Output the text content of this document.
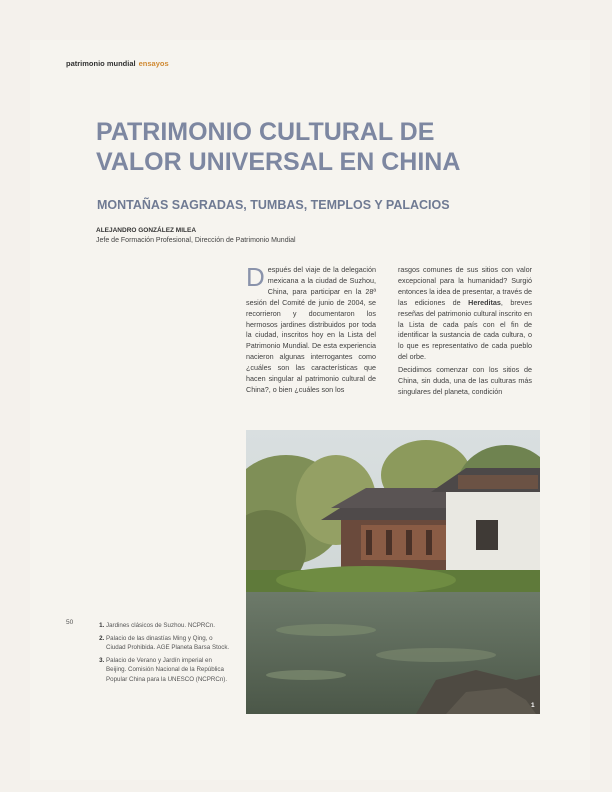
patrimonio mundial ensayos
PATRIMONIO CULTURAL DE
VALOR UNIVERSAL EN CHINA
MONTAÑAS SAGRADAS, TUMBAS, TEMPLOS Y PALACIOS
ALEJANDRO GONZÁLEZ MILEA
Jefe de Formación Profesional, Dirección de Patrimonio Mundial
Después del viaje de la delegación mexicana a la ciudad de Suzhou, China, para participar en la 28ª sesión del Comité de junio de 2004, se recorrieron y documentaron los hermosos jardines distribuidos por toda la ciudad, inscritos hoy en la Lista del Patrimonio Mundial. De esta experiencia nacieron algunas interrogantes como ¿cuáles son las características que hacen singular al patrimonio cultural de China?, o bien ¿cuáles son los

rasgos comunes de sus sitios con valor excepcional para la humanidad? Surgió entonces la idea de presentar, a través de las ediciones de Hereditas, breves reseñas del patrimonio cultural inscrito en la Lista de cada país con el fin de identificar la sustancia de cada cultura, o lo que es representativo de cada pueblo del orbe.

Decidimos comenzar con los sitios de China, sin duda, una de las culturas más singulares del planeta, condición

50
1.	Jardines clásicos de Suzhou. NCPRCn.
2. Palacio de las dinastías Ming y Qing, o Ciudad Prohibida. AGE Planeta Barsa Stock.
3. Palacio de Verano y Jardín imperial en Beijing. Comisión Nacional de la República Popular China para la UNESCO (NCPRCn).
1
